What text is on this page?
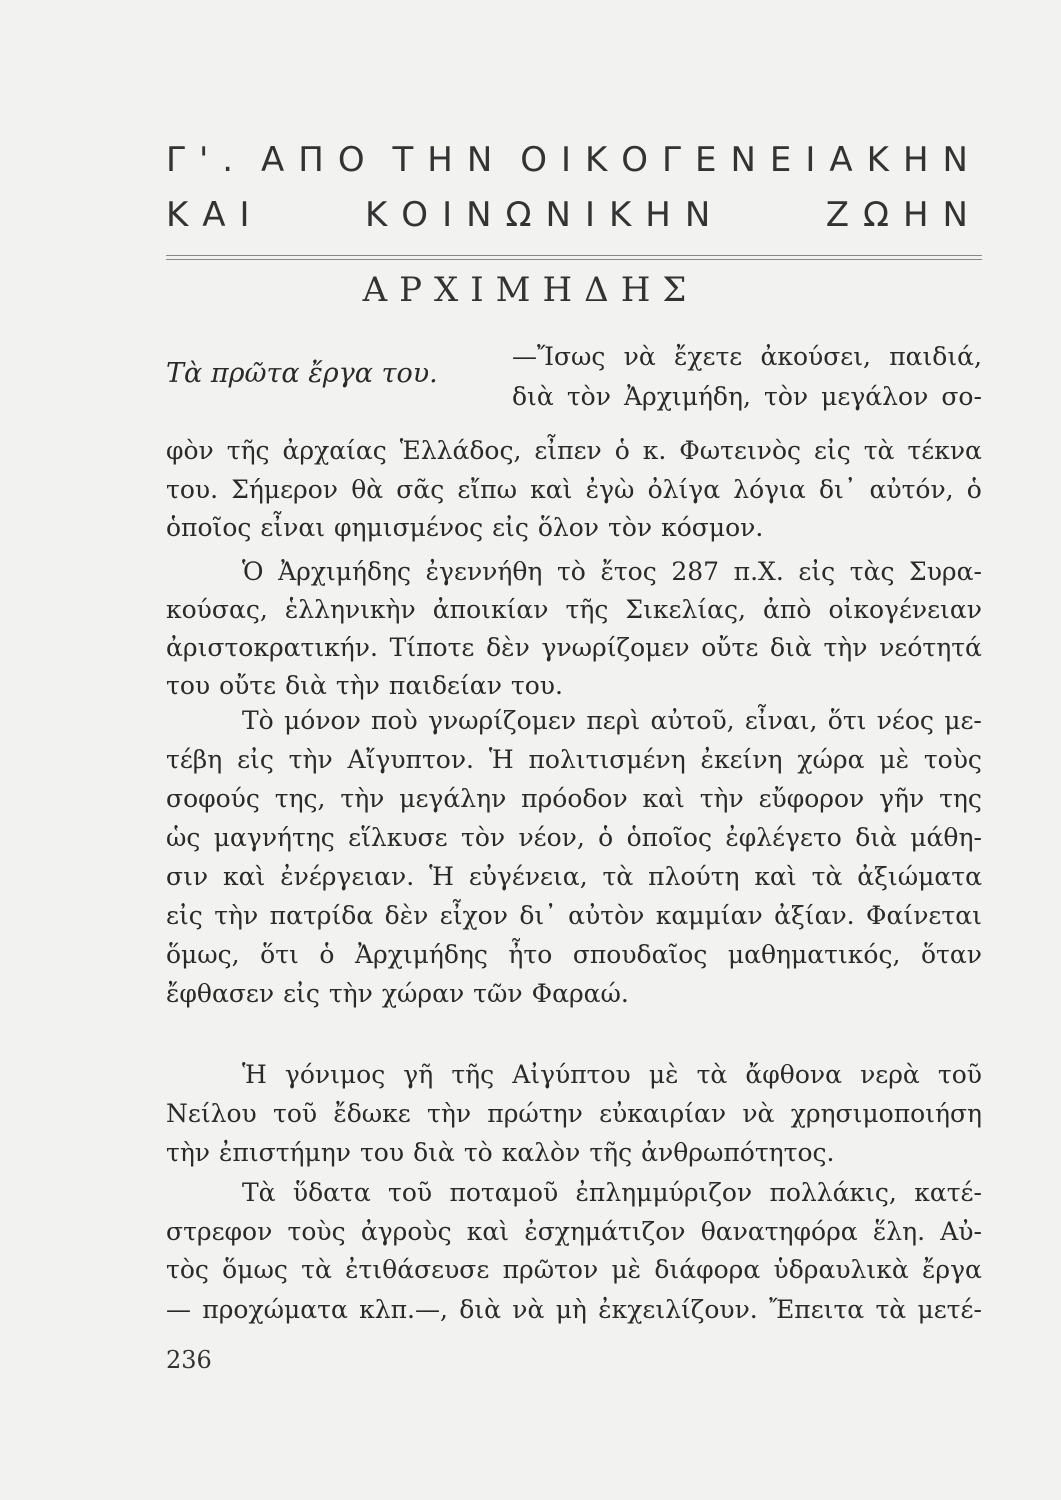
Γ'. ΑΠΟ ΤΗΝ ΟΙΚΟΓΕΝΕΙΑΚΗΝ
ΚΑΙ	ΚΟΙΝΩΝΙΚΗΝ	ΖΩΗΝ
ΑΡΧΙΜΗΔΗΣ
Τὰ πρῶτα ἔργα του.
—Ἴσως νὰ ἔχετε ἀκούσει, παιδιά,
διὰ τὸν Ἀρχιμήδη, τὸν μεγάλον σο-
φὸν τῆς ἀρχαίας Ἑλλάδος, εἶπεν ὁ κ. Φωτεινὸς εἰς τὰ τέκνα
του. Σήμερον θὰ σᾶς εἴπω καὶ ἐγὼ ὀλίγα λόγια δι᾽ αὐτόν, ὁ
ὁποῖος εἶναι φημισμένος εἰς ὅλον τὸν κόσμον.
Ὁ Ἀρχιμήδης ἐγεννήθη τὸ ἔτος 287 π.Χ. εἰς τὰς Συρα-
κούσας, ἑλληνικὴν ἀποικίαν τῆς Σικελίας, ἀπὸ οἰκογένειαν
ἀριστοκρατικήν. Τίποτε δὲν γνωρίζομεν οὔτε διὰ τὴν νεότητά
του οὔτε διὰ τὴν παιδείαν του.
Τὸ μόνον ποὺ γνωρίζομεν περὶ αὐτοῦ, εἶναι, ὅτι νέος με-
τέβη εἰς τὴν Αἴγυπτον. Ἡ πολιτισμένη ἐκείνη χώρα μὲ τοὺς
σοφούς της, τὴν μεγάλην πρόοδον καὶ τὴν εὔφορον γῆν της
ὡς μαγνήτης εἵλκυσε τὸν νέον, ὁ ὁποῖος ἐφλέγετο διὰ μάθη-
σιν καὶ ἐνέργειαν. Ἡ εὐγένεια, τὰ πλούτη καὶ τὰ ἀξιώματα
εἰς τὴν πατρίδα δὲν εἶχον δι᾽ αὐτὸν καμμίαν ἀξίαν. Φαίνεται
ὅμως, ὅτι ὁ Ἀρχιμήδης ἦτο σπουδαῖος μαθηματικός, ὅταν
ἔφθασεν εἰς τὴν χώραν τῶν Φαραώ.
Ἡ γόνιμος γῆ τῆς Αἰγύπτου μὲ τὰ ἄφθονα νερὰ τοῦ
Νείλου τοῦ ἔδωκε τὴν πρώτην εὐκαιρίαν νὰ χρησιμοποιήση
τὴν ἐπιστήμην του διὰ τὸ καλὸν τῆς ἀνθρωπότητος.
Τὰ ὕδατα τοῦ ποταμοῦ ἐπλημμύριζον πολλάκις, κατέ-
στρεφον τοὺς ἀγροὺς καὶ ἐσχημάτιζον θανατηφόρα ἕλη. Αὐ-
τὸς ὅμως τὰ ἐτιθάσευσε πρῶτον μὲ διάφορα ὑδραυλικὰ ἔργα
— προχώματα κλπ.—, διὰ νὰ μὴ ἐκχειλίζουν. Ἔπειτα τὰ μετέ-
236
